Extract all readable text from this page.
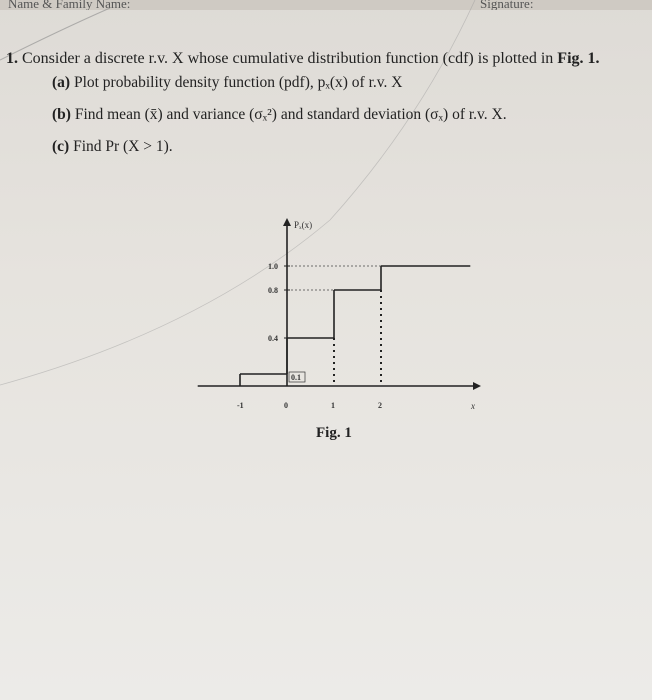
Name & Family Name:	Signature:
1. Consider a discrete r.v. X whose cumulative distribution function (cdf) is plotted in Fig. 1.
(a) Plot probability density function (pdf), pₓ(x) of r.v. X
(b) Find mean (x̄) and variance (σₓ²) and standard deviation (σₓ) of r.v. X.
(c) Find Pr (X > 1).
0.1
0.4
0.8
1.0
-1	0	1	2
Pₓ(x)
x
Fig. 1
